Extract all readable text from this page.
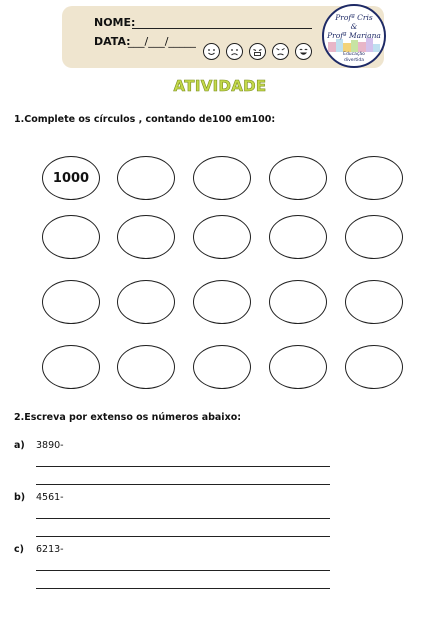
NOME:
DATA:
___/___/_____
Profª Cris
&
Profª Mariana
Educação
divertida
ATIVIDADE
1.Complete os círculos , contando de100 em100:
1000
2.Escreva por extenso os números abaixo:
a) 3890-
b) 4561-
c) 6213-
